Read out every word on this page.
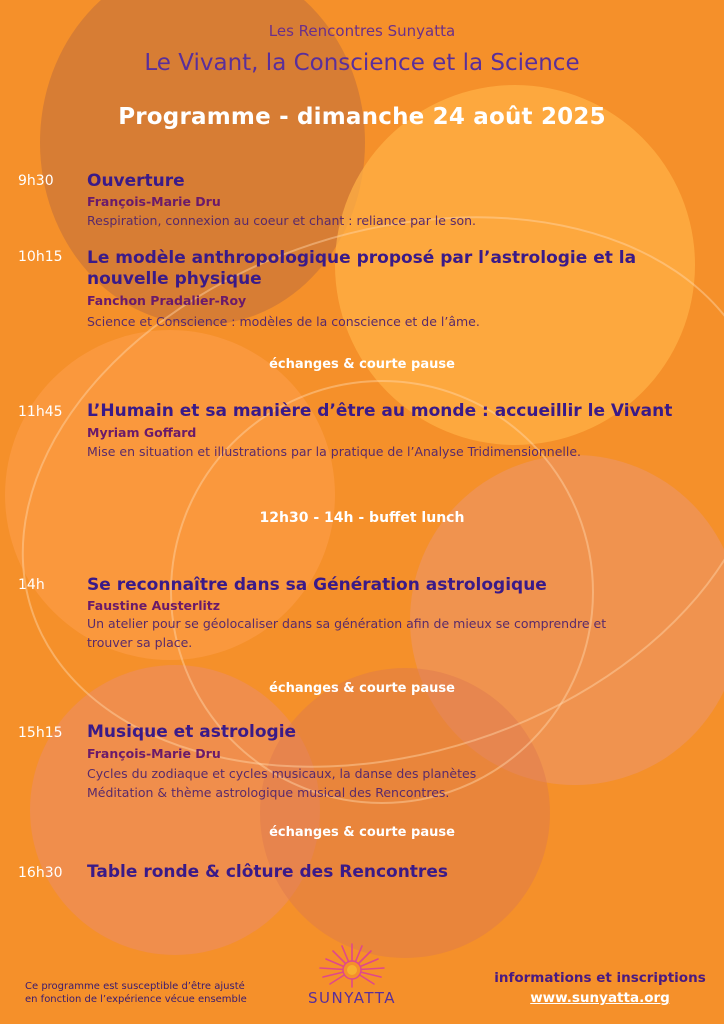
Les Rencontres Sunyatta
Le Vivant, la Conscience et la Science
Programme - dimanche 24 août 2025
9h30 Ouverture
François-Marie Dru
Respiration, connexion au coeur et chant : reliance par le son.
10h15 Le modèle anthropologique proposé par l’astrologie et la nouvelle physique
Fanchon Pradalier-Roy
Science et Conscience : modèles de la conscience et de l’âme.
échanges & courte pause
11h45 L’Humain et sa manière d’être au monde : accueillir le Vivant
Myriam Goffard
Mise en situation et illustrations par la pratique de l’Analyse Tridimensionnelle.
12h30 - 14h - buffet lunch
14h Se reconnaître dans sa Génération astrologique
Faustine Austerlitz
Un atelier pour se géolocaliser dans sa génération afin de mieux se comprendre et trouver sa place.
échanges & courte pause
15h15 Musique et astrologie
François-Marie Dru
Cycles du zodiaque et cycles musicaux, la danse des planètes
Méditation & thème astrologique musical des Rencontres.
échanges & courte pause
16h30 Table ronde & clôture des Rencontres
Ce programme est susceptible d’être ajusté
en fonction de l’expérience vécue ensemble	SUNYATTA
informations et inscriptions
www.sunyatta.org
